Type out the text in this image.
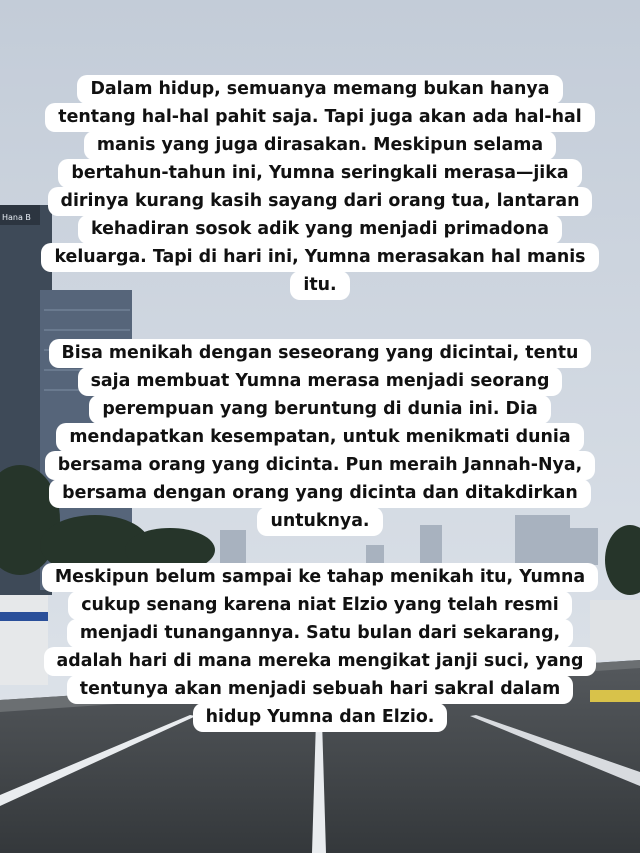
Hana B
Dalam hidup, semuanya memang bukan hanya
tentang hal-hal pahit saja. Tapi juga akan ada hal-hal
manis yang juga dirasakan. Meskipun selama
bertahun-tahun ini, Yumna seringkali merasa—jika
dirinya kurang kasih sayang dari orang tua, lantaran
kehadiran sosok adik yang menjadi primadona
keluarga. Tapi di hari ini, Yumna merasakan hal manis
itu.
Bisa menikah dengan seseorang yang dicintai, tentu
saja membuat Yumna merasa menjadi seorang
perempuan yang beruntung di dunia ini. Dia
mendapatkan kesempatan, untuk menikmati dunia
bersama orang yang dicinta. Pun meraih Jannah-Nya,
bersama dengan orang yang dicinta dan ditakdirkan
untuknya.
Meskipun belum sampai ke tahap menikah itu, Yumna
cukup senang karena niat Elzio yang telah resmi
menjadi tunangannya. Satu bulan dari sekarang,
adalah hari di mana mereka mengikat janji suci, yang
tentunya akan menjadi sebuah hari sakral dalam
hidup Yumna dan Elzio.
